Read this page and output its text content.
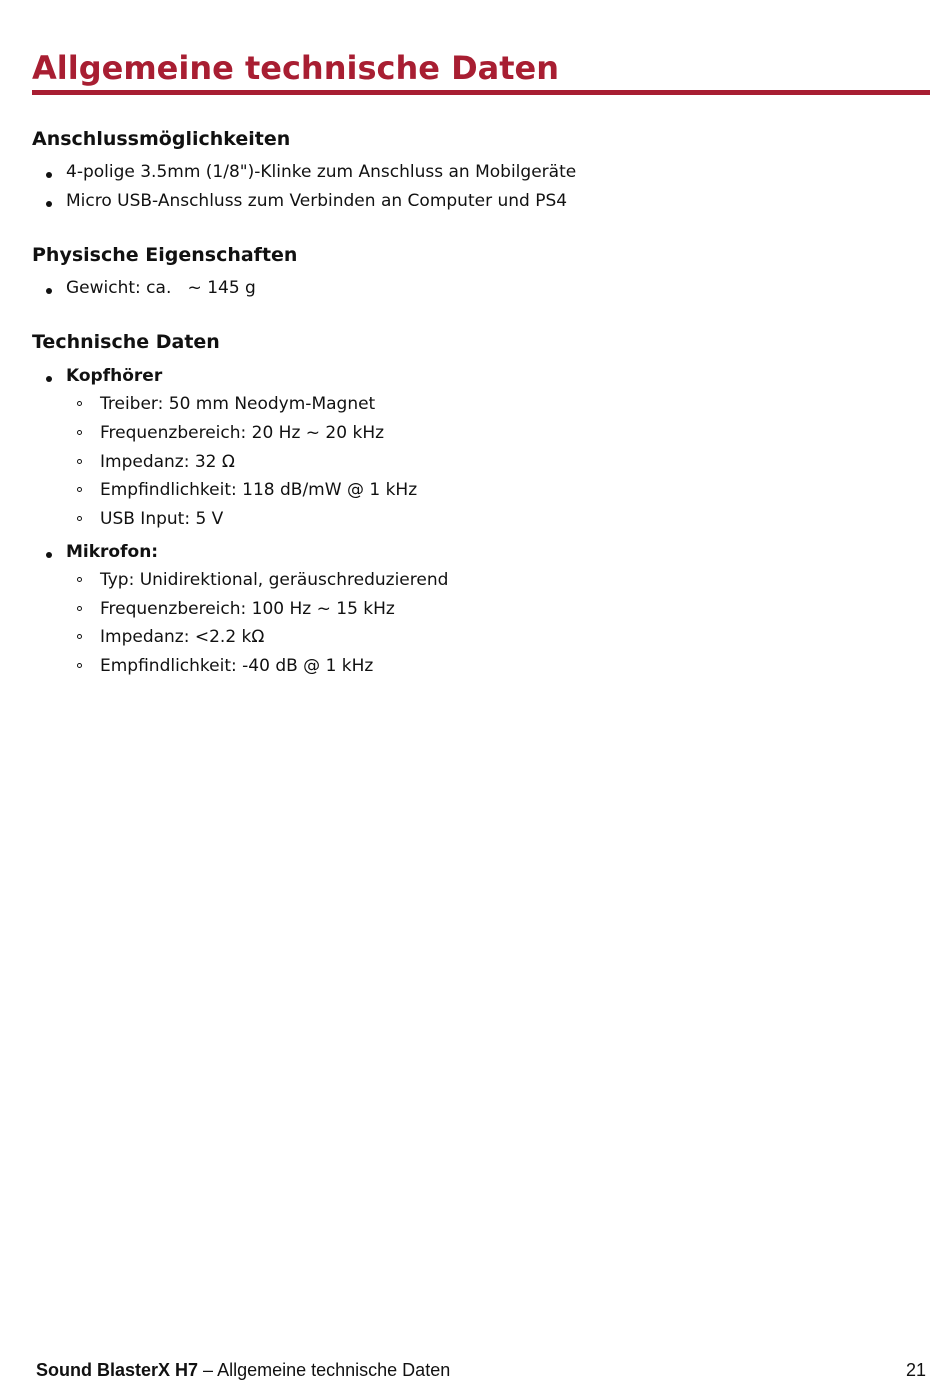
Allgemeine technische Daten
Anschlussmöglichkeiten
4-polige 3.5mm (1/8")-Klinke zum Anschluss an Mobilgeräte
Micro USB-Anschluss zum Verbinden an Computer und PS4
Physische Eigenschaften
Gewicht: ca.   ~ 145 g
Technische Daten
Kopfhörer
Treiber: 50 mm Neodym-Magnet
Frequenzbereich: 20 Hz ~ 20 kHz
Impedanz: 32 Ω
Empfindlichkeit: 118 dB/mW @ 1 kHz
USB Input: 5 V
Mikrofon:
Typ: Unidirektional, geräuschreduzierend
Frequenzbereich: 100 Hz ~ 15 kHz
Impedanz: <2.2 kΩ
Empfindlichkeit: -40 dB @ 1 kHz
Sound BlasterX H7 – Allgemeine technische Daten	21
